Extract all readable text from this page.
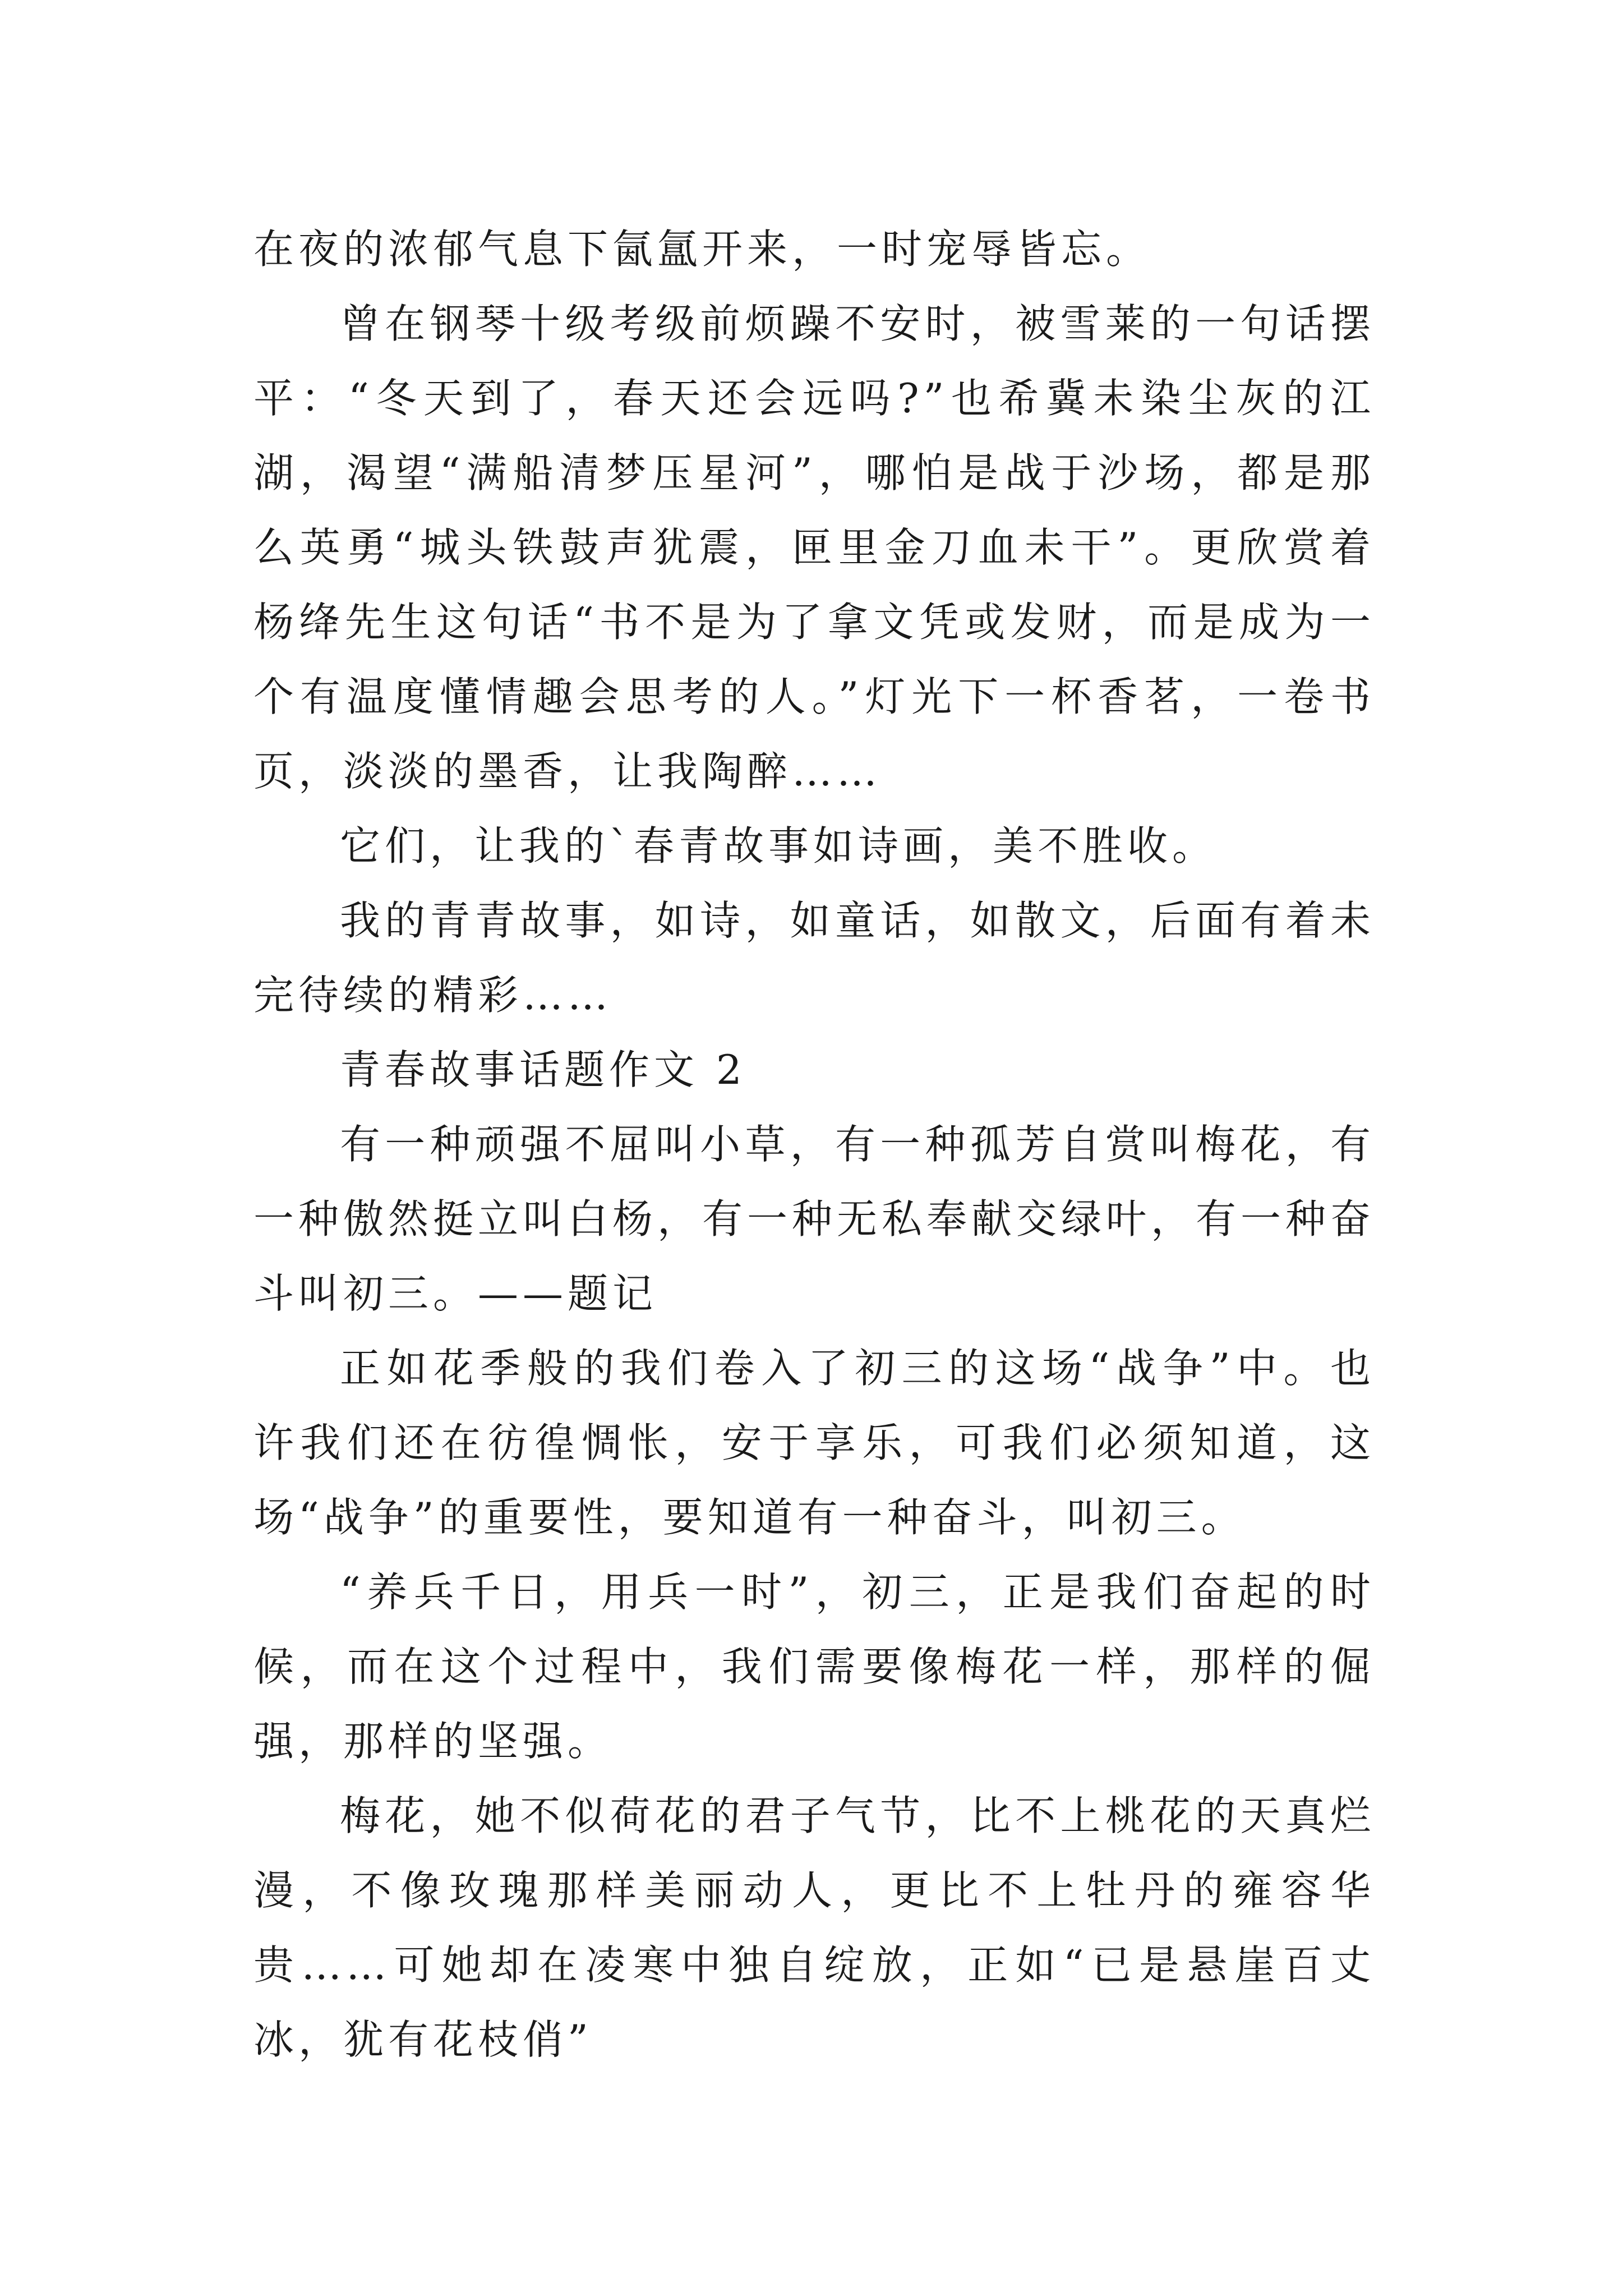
在夜的浓郁气息下氤氲开来，一时宠辱皆忘。

曾在钢琴十级考级前烦躁不安时，被雪莱的一句话摆平：“冬天到了，春天还会远吗?”也希冀未染尘灰的江湖，渴望“满船清梦压星河”，哪怕是战于沙场，都是那么英勇“城头铁鼓声犹震，匣里金刀血未干”。更欣赏着杨绛先生这句话“书不是为了拿文凭或发财，而是成为一个有温度懂情趣会思考的人。”灯光下一杯香茗，一卷书页，淡淡的墨香，让我陶醉……

它们，让我的`春青故事如诗画，美不胜收。

我的青青故事，如诗，如童话，如散文，后面有着未完待续的精彩……

青春故事话题作文 2

有一种顽强不屈叫小草，有一种孤芳自赏叫梅花，有一种傲然挺立叫白杨，有一种无私奉献交绿叶，有一种奋斗叫初三。——题记

正如花季般的我们卷入了初三的这场“战争”中。也许我们还在彷徨惆怅，安于享乐，可我们必须知道，这场“战争”的重要性，要知道有一种奋斗，叫初三。

“养兵千日，用兵一时”，初三，正是我们奋起的时候，而在这个过程中，我们需要像梅花一样，那样的倔强，那样的坚强。

梅花，她不似荷花的君子气节，比不上桃花的天真烂漫，不像玫瑰那样美丽动人，更比不上牡丹的雍容华贵……可她却在凌寒中独自绽放，正如“已是悬崖百丈冰，犹有花枝俏”
